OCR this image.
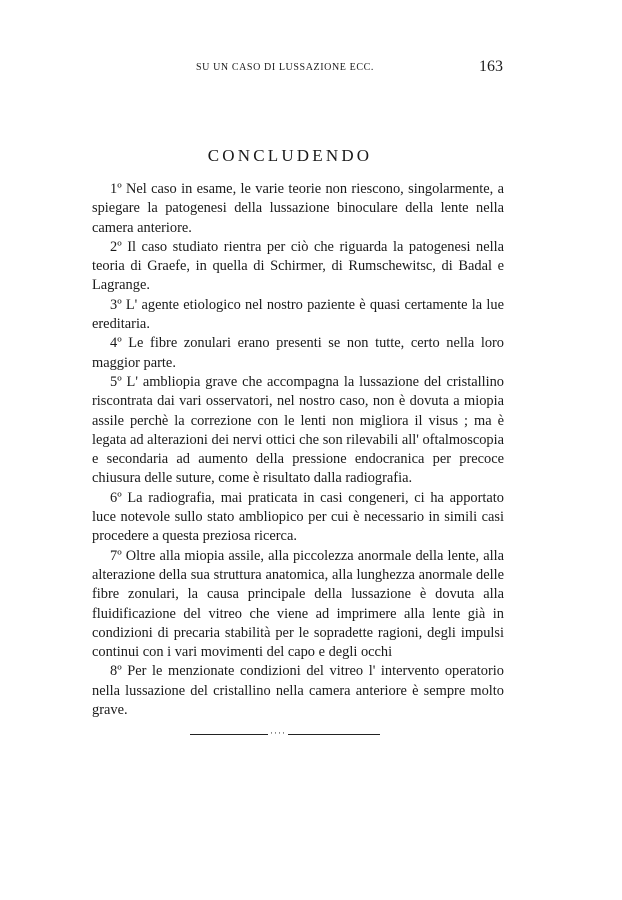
SU UN CASO DI LUSSAZIONE ECC.	163
CONCLUDENDO

1º Nel caso in esame, le varie teorie non riescono, singolarmente, a spiegare la patogenesi della lussazione binoculare della lente nella camera anteriore.

2º Il caso studiato rientra per ciò che riguarda la patogenesi nella teoria di Graefe, in quella di Schirmer, di Rumschewitsc, di Badal e Lagrange.

3º L' agente etiologico nel nostro paziente è quasi certamente la lue ereditaria.

4º Le fibre zonulari erano presenti se non tutte, certo nella loro maggior parte.

5º L' ambliopia grave che accompagna la lussazione del cristallino riscontrata dai vari osservatori, nel nostro caso, non è dovuta a miopia assile perchè la correzione con le lenti non migliora il visus ; ma è legata ad alterazioni dei nervi ottici che son rilevabili all' oftalmoscopia e secondaria ad aumento della pressione endocranica per precoce chiusura delle suture, come è risultato dalla radiografia.

6º La radiografia, mai praticata in casi congeneri, ci ha apportato luce notevole sullo stato ambliopico per cui è necessario in simili casi procedere a questa preziosa ricerca.

7º Oltre alla miopia assile, alla piccolezza anormale della lente, alla alterazione della sua struttura anatomica, alla lunghezza anormale delle fibre zonulari, la causa principale della lussazione è dovuta alla fluidificazione del vitreo che viene ad imprimere alla lente già in condizioni di precaria stabilità per le sopradette ragioni, degli impulsi continui con i vari movimenti del capo e degli occhi

8º Per le menzionate condizioni del vitreo l' intervento operatorio nella lussazione del cristallino nella camera anteriore è sempre molto grave.

····
